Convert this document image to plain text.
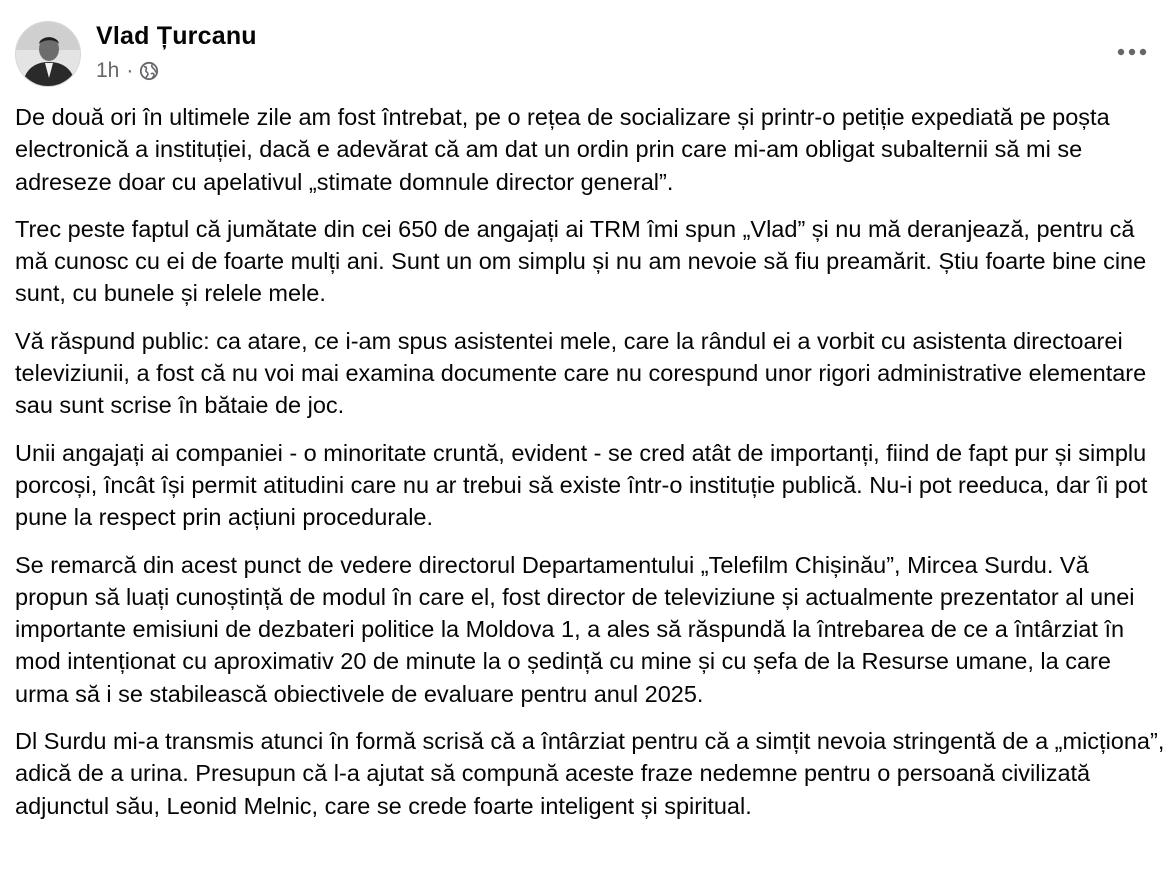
Vlad Țurcanu
1h ·

De două ori în ultimele zile am fost întrebat, pe o rețea de socializare și printr-o petiție expediată pe poșta electronică a instituției, dacă e adevărat că am dat un ordin prin care mi-am obligat subalternii să mi se adreseze doar cu apelativul „stimate domnule director general”.

Trec peste faptul că jumătate din cei 650 de angajați ai TRM îmi spun „Vlad” și nu mă deranjează, pentru că mă cunosc cu ei de foarte mulți ani. Sunt un om simplu și nu am nevoie să fiu preamărit. Știu foarte bine cine sunt, cu bunele și relele mele.

Vă răspund public: ca atare, ce i-am spus asistentei mele, care la rândul ei a vorbit cu asistenta directoarei televiziunii, a fost că nu voi mai examina documente care nu corespund unor rigori administrative elementare sau sunt scrise în bătaie de joc.

Unii angajați ai companiei - o minoritate cruntă, evident - se cred atât de importanți, fiind de fapt pur și simplu porcoși, încât își permit atitudini care nu ar trebui să existe într-o instituție publică. Nu-i pot reeduca, dar îi pot pune la respect prin acțiuni procedurale.

Se remarcă din acest punct de vedere directorul Departamentului „Telefilm Chișinău”, Mircea Surdu. Vă propun să luați cunoștință de modul în care el, fost director de televiziune și actualmente prezentator al unei importante emisiuni de dezbateri politice la Moldova 1, a ales să răspundă la întrebarea de ce a întârziat în mod intenționat cu aproximativ 20 de minute la o ședință cu mine și cu șefa de la Resurse umane, la care urma să i se stabilească obiectivele de evaluare pentru anul 2025.

Dl Surdu mi-a transmis atunci în formă scrisă că a întârziat pentru că a simțit nevoia stringentă de a „micționa”, adică de a urina. Presupun că l-a ajutat să compună aceste fraze nedemne pentru o persoană civilizată adjunctul său, Leonid Melnic, care se crede foarte inteligent și spiritual.
